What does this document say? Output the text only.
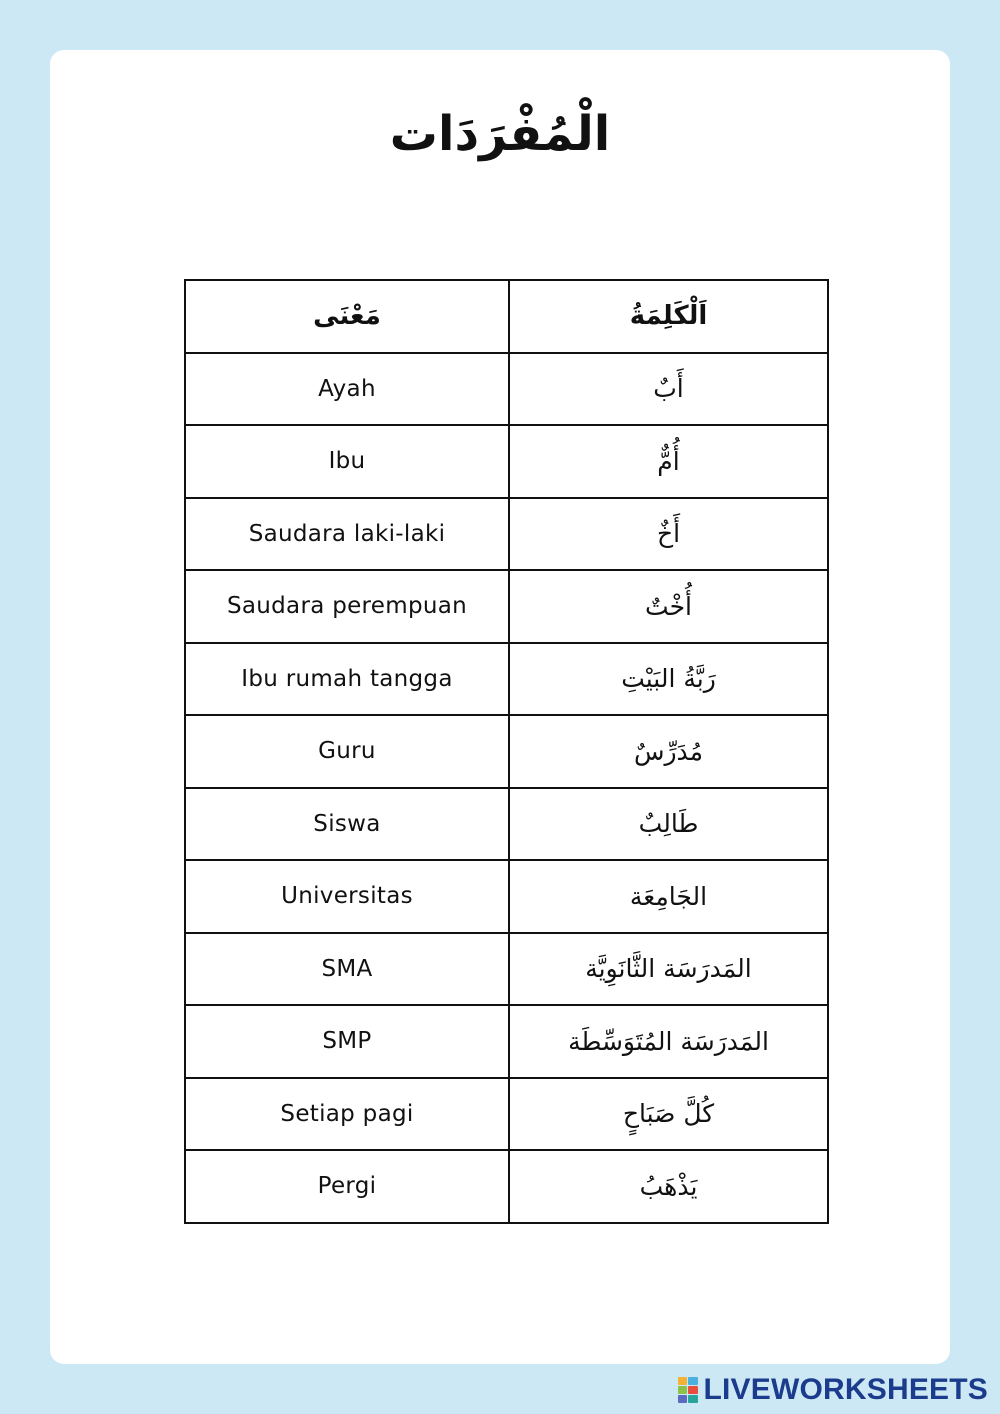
الْمُفْرَدَات
مَعْنَى	اَلْكَلِمَةُ
Ayah	أَبٌ
Ibu	أُمٌّ
Saudara laki-laki	أَخٌ
Saudara perempuan	أُخْتٌ
Ibu rumah tangga	رَبَّةُ البَيْتِ
Guru	مُدَرِّسٌ
Siswa	طَالِبٌ
Universitas	الجَامِعَة
SMA	المَدرَسَة الثَّانَوِيَّة
SMP	المَدرَسَة المُتَوَسِّطَة
Setiap pagi	كُلَّ صَبَاحٍ
Pergi	يَذْهَبُ
LIVEWORKSHEETS
